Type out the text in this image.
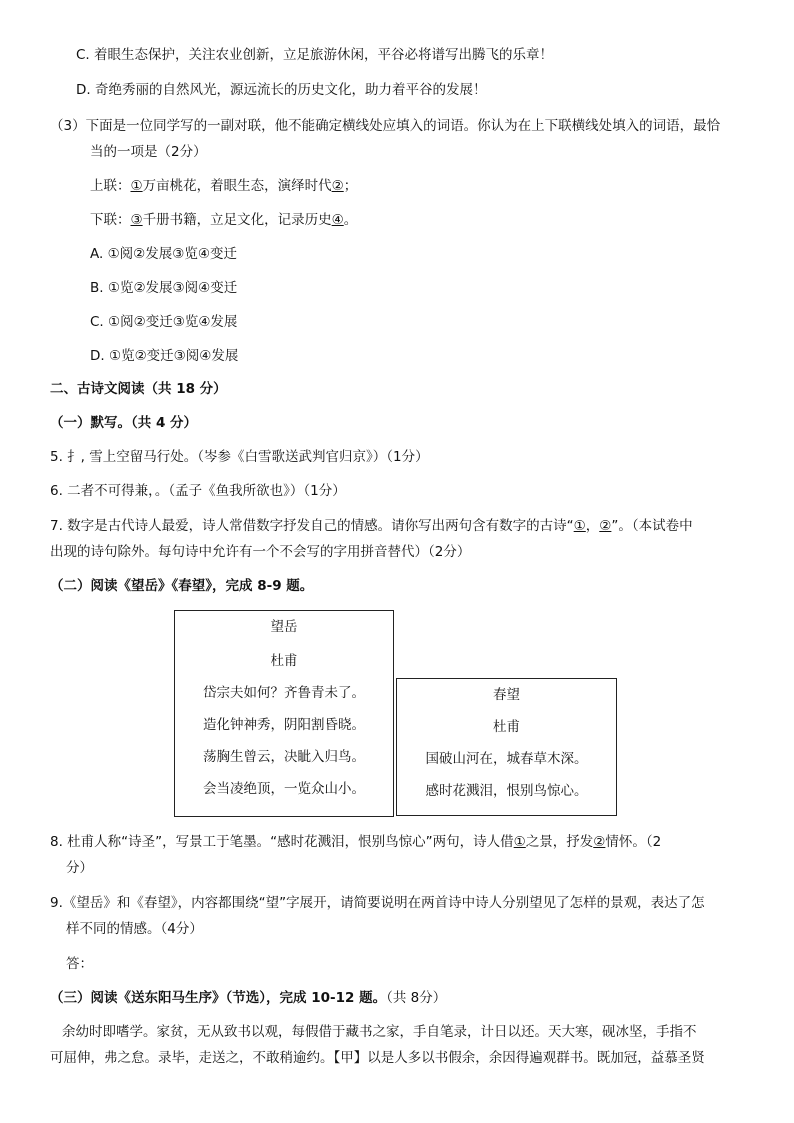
C. 着眼生态保护，关注农业创新，立足旅游休闲，平谷必将谱写出腾飞的乐章！
D. 奇绝秀丽的自然风光，源远流长的历史文化，助力着平谷的发展！
（3）下面是一位同学写的一副对联，他不能确定横线处应填入的词语。你认为在上下联横线处填入的词语，最恰
当的一项是（2分）
上联：①万亩桃花，着眼生态，演绎时代②；
下联：③千册书籍，立足文化，记录历史④。
A. ①阅②发展③览④变迁
B. ①览②发展③阅④变迁
C. ①阅②变迁③览④发展
D. ①览②变迁③阅④发展
二、古诗文阅读（共 18 分）
（一）默写。（共 4 分）
5. 扌, 雪上空留马行处。（岑参《白雪歌送武判官归京》）（1分）
6. 二者不可得兼，。（孟子《鱼我所欲也》）（1分）
7. 数字是古代诗人最爱，诗人常借数字抒发自己的情感。请你写出两句含有数字的古诗“①，②”。（本试卷中
出现的诗句除外。每句诗中允许有一个不会写的字用拼音替代）（2分）
（二）阅读《望岳》《春望》，完成 8-9 题。
望岳
杜甫
岱宗夫如何？齐鲁青未了。
造化钟神秀，阴阳割昏晓。
荡胸生曾云，决眦入归鸟。
会当凌绝顶，一览众山小。
春望
杜甫
国破山河在，城春草木深。
感时花溅泪，恨别鸟惊心。
8. 杜甫人称“诗圣”，写景工于笔墨。“感时花溅泪，恨别鸟惊心”两句，诗人借①之景，抒发②情怀。（2
分）
9.《望岳》和《春望》，内容都围绕“望”字展开，请简要说明在两首诗中诗人分别望见了怎样的景观，表达了怎
样不同的情感。（4分）
答：
（三）阅读《送东阳马生序》（节选），完成 10-12 题。（共 8分）
余幼时即嗜学。家贫，无从致书以观，每假借于藏书之家，手自笔录，计日以还。天大寒，砚冰坚，手指不
可屈伸，弗之怠。录毕，走送之，不敢稍逾约。【甲】以是人多以书假余，余因得遍观群书。既加冠，益慕圣贤
